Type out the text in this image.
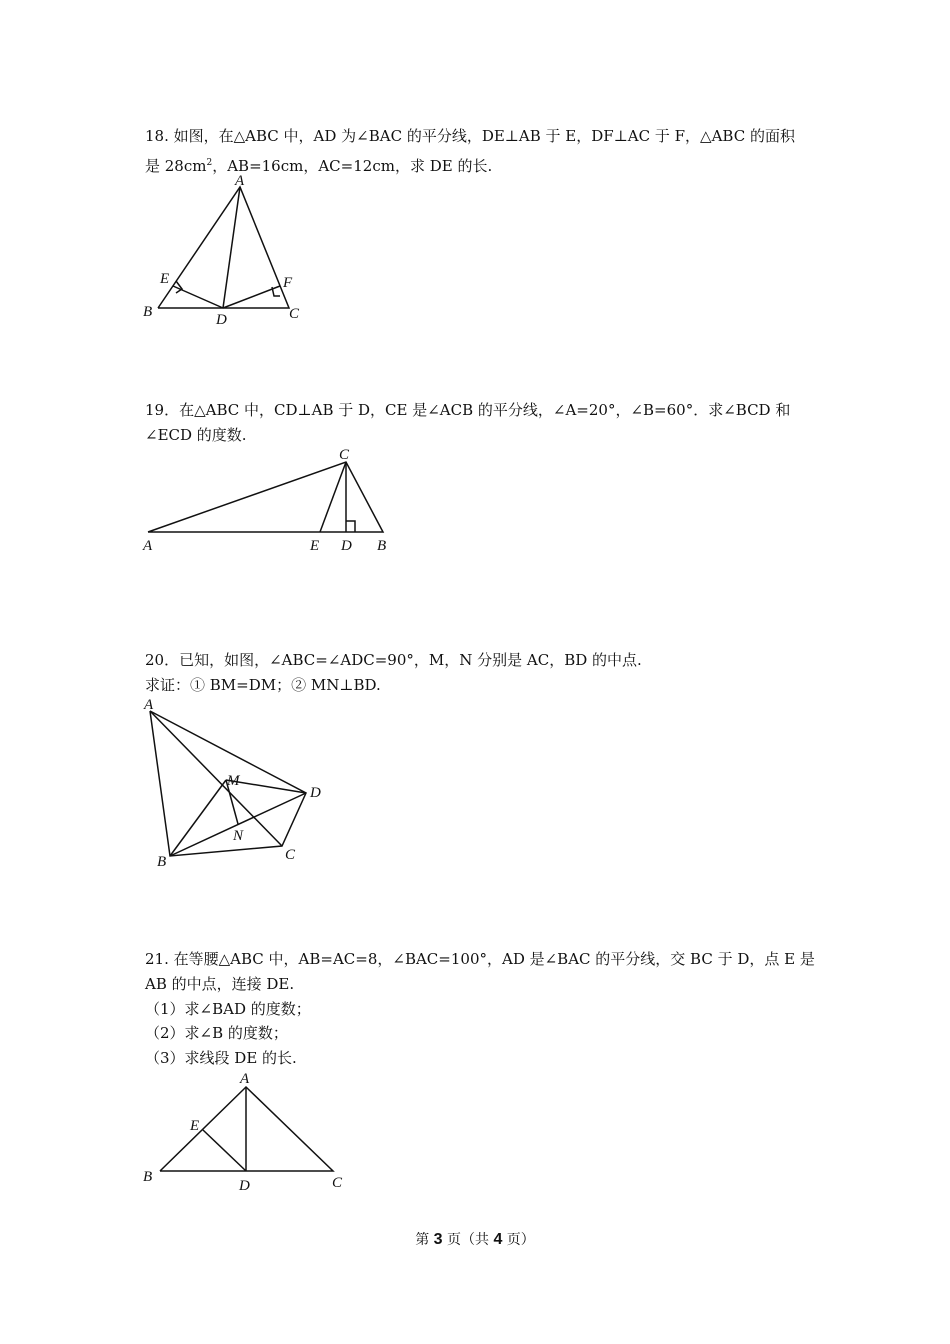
18. 如图，在△ABC 中，AD 为∠BAC 的平分线，DE⊥AB 于 E，DF⊥AC 于 F，△ABC 的面积
是 $28cm^2$，AB=16cm，AC=12cm，求 DE 的长.
A
B	C
D
E	F
19．在△ABC 中，CD⊥AB 于 D，CE 是∠ACB 的平分线，∠A=20°，∠B=60°．求∠BCD 和
∠ECD 的度数.
C
A	E D B
20．已知，如图，∠ABC=∠ADC=90°，M，N 分别是 AC，BD 的中点.
求证：① BM=DM；② MN⊥BD.
A
M
D
N
B	C
21. 在等腰△ABC 中，AB=AC=8，∠BAC=100°，AD 是∠BAC 的平分线，交 BC 于 D，点 E 是
AB 的中点，连接 DE.
（1）求∠BAD 的度数；
（2）求∠B 的度数；
（3）求线段 DE 的长.
A
E
B
D	C
第 3 页（共 4 页）
